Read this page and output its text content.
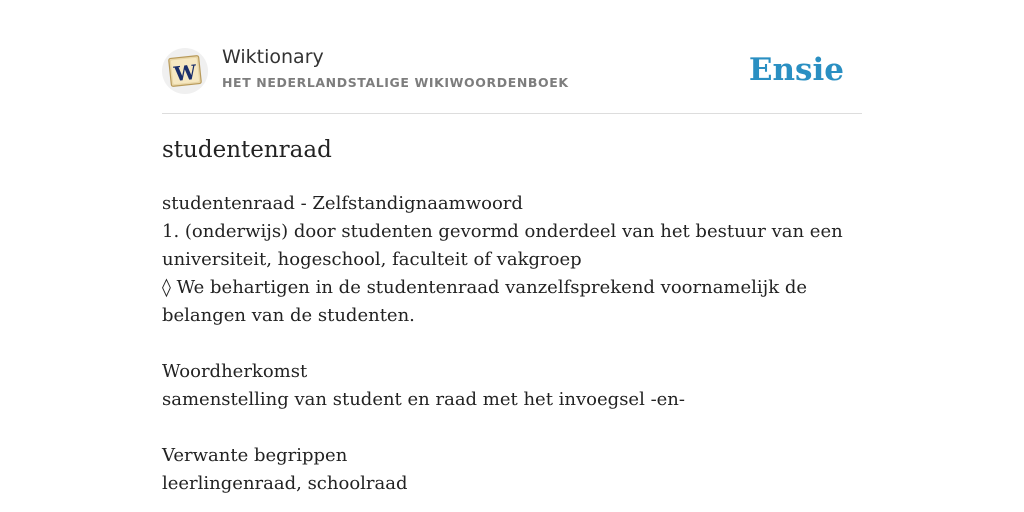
W
Wiktionary
HET NEDERLANDSTALIGE WIKIWOORDENBOEK	Ensie
studentenraad

studentenraad - Zelfstandignaamwoord

1. (onderwijs) door studenten gevormd onderdeel van het bestuur van een universiteit, hogeschool, faculteit of vakgroep

◊ We behartigen in de studentenraad vanzelfsprekend voornamelijk de belangen van de studenten.

Woordherkomst

samenstelling van student en raad met het invoegsel -en-

Verwante begrippen

leerlingenraad, schoolraad
